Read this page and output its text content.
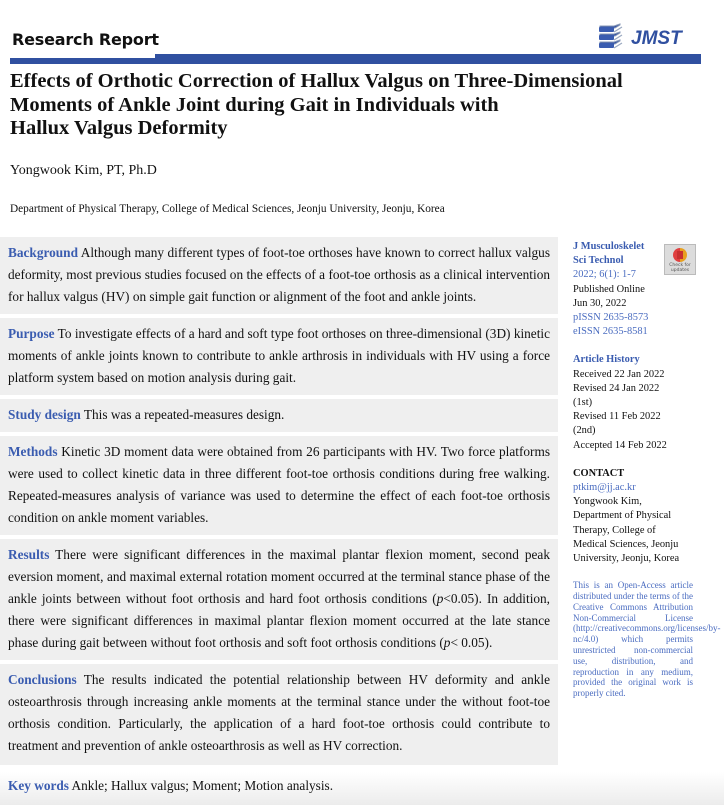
Research Report	JMST
Effects of Orthotic Correction of Hallux Valgus on Three-Dimensional
Moments of Ankle Joint during Gait in Individuals with
Hallux Valgus Deformity
Yongwook Kim, PT, Ph.D
Department of Physical Therapy, College of Medical Sciences, Jeonju University, Jeonju, Korea
Background Although many different types of foot-toe orthoses have known to correct hallux valgus deformity, most previous studies focused on the effects of a foot-toe orthosis as a clinical intervention for hallux valgus (HV) on simple gait function or alignment of the foot and ankle joints.
Purpose To investigate effects of a hard and soft type foot orthoses on three-dimensional (3D) kinetic moments of ankle joints known to contribute to ankle arthrosis in individuals with HV using a force platform system based on motion analysis during gait.
Study design This was a repeated-measures design.
Methods Kinetic 3D moment data were obtained from 26 participants with HV. Two force platforms were used to collect kinetic data in three different foot-toe orthosis conditions during free walking. Repeated-measures analysis of variance was used to determine the effect of each foot-toe orthosis condition on ankle moment variables.
Results There were significant differences in the maximal plantar flexion moment, second peak eversion moment, and maximal external rotation moment occurred at the terminal stance phase of the ankle joints between without foot orthosis and hard foot orthosis conditions (p<0.05). In addition, there were significant differences in maximal plantar flexion moment occurred at the late stance phase during gait between without foot orthosis and soft foot orthosis conditions (p< 0.05).
Conclusions The results indicated the potential relationship between HV deformity and ankle osteoarthrosis through increasing ankle moments at the terminal stance under the without foot-toe orthosis condition. Particularly, the application of a hard foot-toe orthosis could contribute to treatment and prevention of ankle osteoarthrosis as well as HV correction.
Key words Ankle; Hallux valgus; Moment; Motion analysis.
J Musculoskelet
Sci Technol
2022; 6(1): 1-7
Published Online
Jun 30, 2022
pISSN 2635-8573
eISSN 2635-8581
Article History
Received 22 Jan 2022
Revised 24 Jan 2022
(1st)
Revised 11 Feb 2022
(2nd)
Accepted 14 Feb 2022
CONTACT
ptkim@jj.ac.kr
Yongwook Kim,
Department of Physical
Therapy, College of
Medical Sciences, Jeonju
University, Jeonju, Korea
This is an Open-Access article distributed under the terms of the Creative Commons Attribution Non-Commercial License (http://creativecommons.org/licenses/by-nc/4.0) which permits unrestricted non-commercial use, distribution, and reproduction in any medium, provided the original work is properly cited.
Check for updates
